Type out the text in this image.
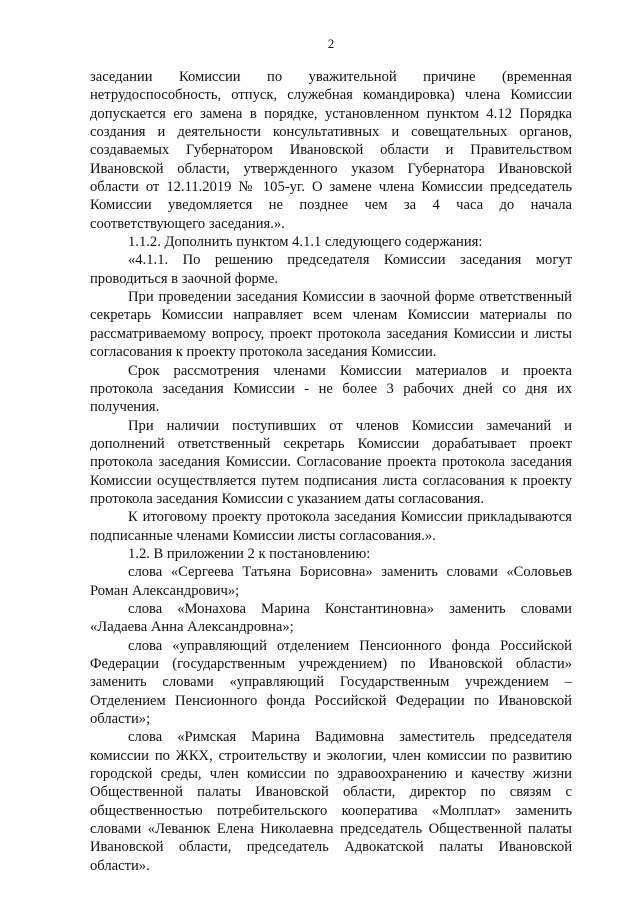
2

заседании Комиссии по уважительной причине (временная нетрудоспособность, отпуск, служебная командировка) члена Комиссии допускается его замена в порядке, установленном пунктом 4.12 Порядка создания и деятельности консультативных и совещательных органов, создаваемых Губернатором Ивановской области и Правительством Ивановской области, утвержденного указом Губернатора Ивановской области от 12.11.2019 № 105-уг. О замене члена Комиссии председатель Комиссии уведомляется не позднее чем за 4 часа до начала соответствующего заседания.».

1.1.2. Дополнить пунктом 4.1.1 следующего содержания:

«4.1.1. По решению председателя Комиссии заседания могут проводиться в заочной форме.

При проведении заседания Комиссии в заочной форме ответственный секретарь Комиссии направляет всем членам Комиссии материалы по рассматриваемому вопросу, проект протокола заседания Комиссии и листы согласования к проекту протокола заседания Комиссии.

Срок рассмотрения членами Комиссии материалов и проекта протокола заседания Комиссии - не более 3 рабочих дней со дня их получения.

При наличии поступивших от членов Комиссии замечаний и дополнений ответственный секретарь Комиссии дорабатывает проект протокола заседания Комиссии. Согласование проекта протокола заседания Комиссии осуществляется путем подписания листа согласования к проекту протокола заседания Комиссии с указанием даты согласования.

К итоговому проекту протокола заседания Комиссии прикладываются подписанные членами Комиссии листы согласования.».

1.2. В приложении 2 к постановлению:

слова «Сергеева Татьяна Борисовна» заменить словами «Соловьев Роман Александрович»;

слова «Монахова Марина Константиновна» заменить словами «Ладаева Анна Александровна»;

слова «управляющий отделением Пенсионного фонда Российской Федерации (государственным учреждением) по Ивановской области» заменить словами «управляющий Государственным учреждением – Отделением Пенсионного фонда Российской Федерации по Ивановской области»;

слова «Римская Марина Вадимовна заместитель председателя комиссии по ЖКХ, строительству и экологии, член комиссии по развитию городской среды, член комиссии по здравоохранению и качеству жизни Общественной палаты Ивановской области, директор по связям с общественностью потребительского кооператива «Молплат» заменить словами «Леванюк Елена Николаевна председатель Общественной палаты Ивановской области, председатель Адвокатской палаты Ивановской области».
